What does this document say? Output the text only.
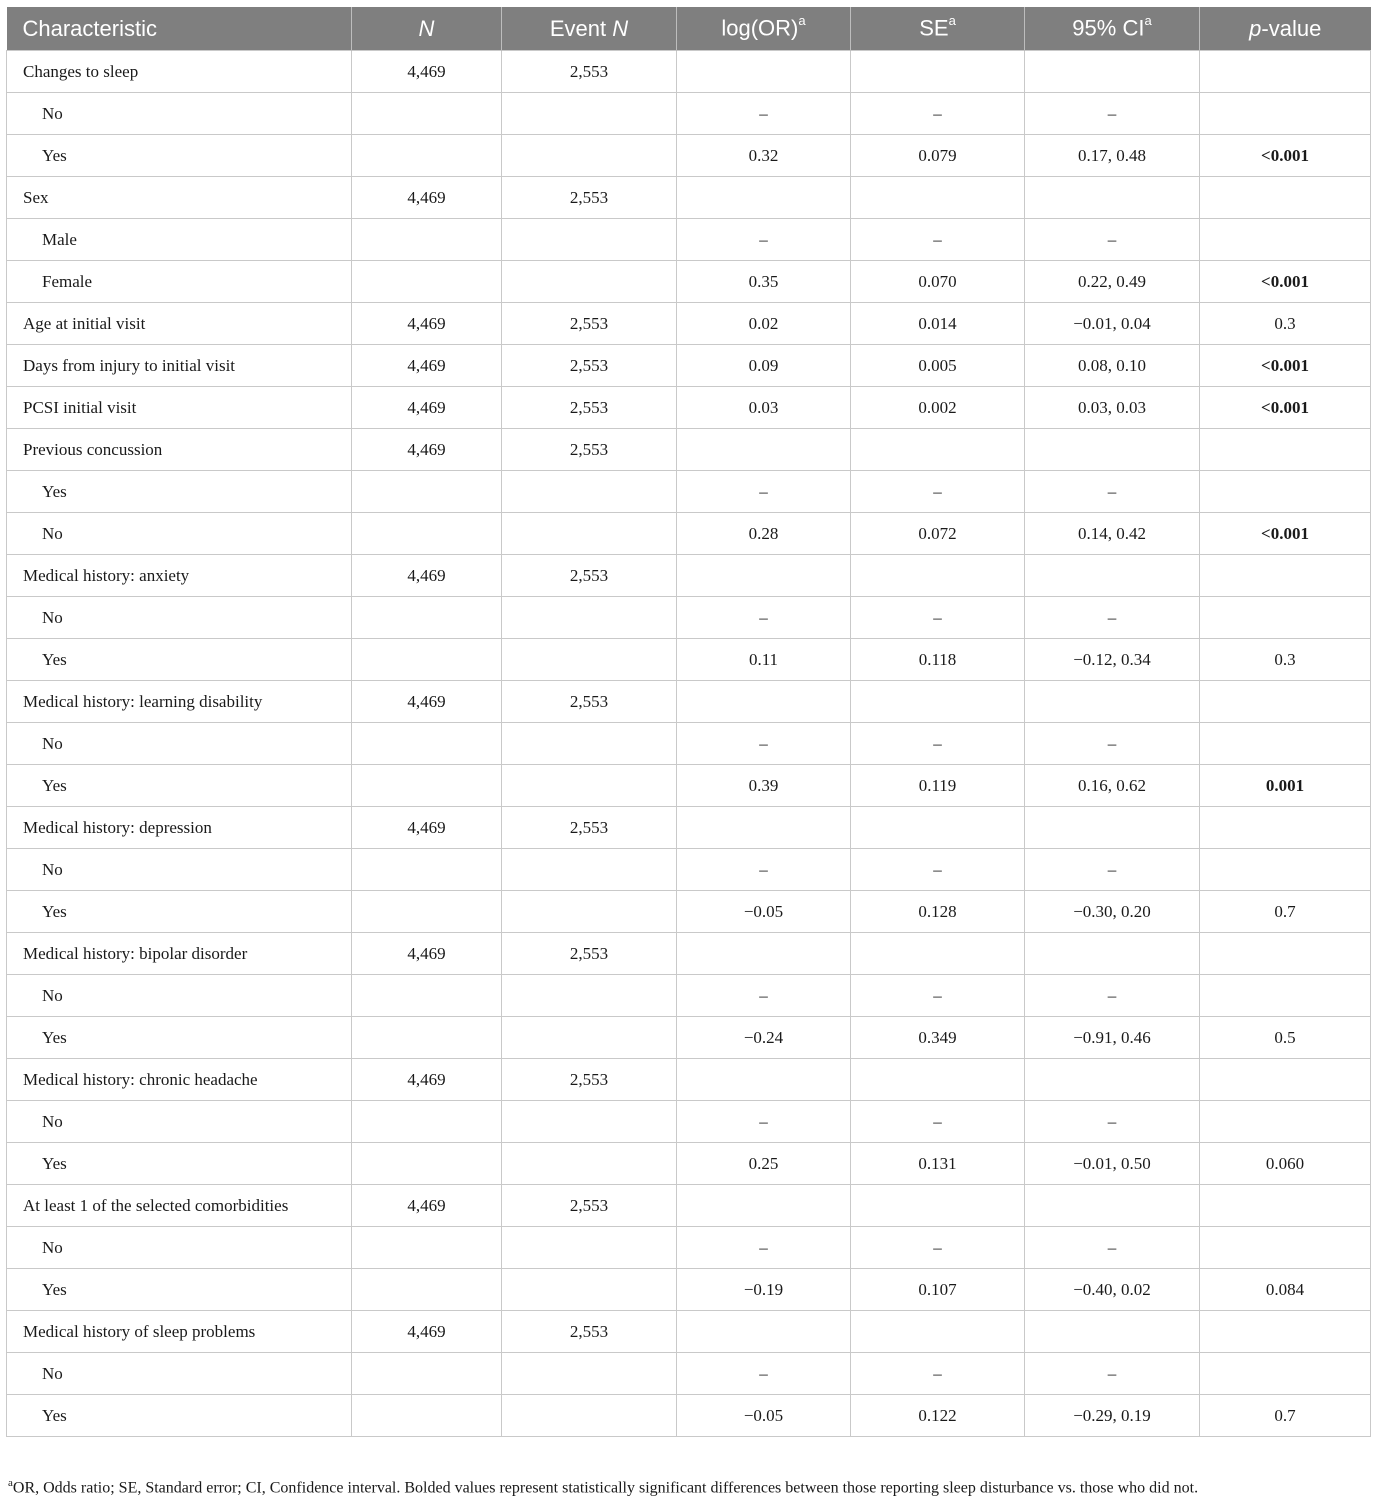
Characteristic	N	Event N	log(OR)$^a$	$SE^a$	95% $CI^a$	p-value
Changes to sleep	4,469	2,553				
No			–	–	–	
Yes			0.32	0.079	0.17, 0.48	<0.001
Sex	4,469	2,553				
Male			–	–	–	
Female			0.35	0.070	0.22, 0.49	<0.001
Age at initial visit	4,469	2,553	0.02	0.014	−0.01, 0.04	0.3
Days from injury to initial visit	4,469	2,553	0.09	0.005	0.08, 0.10	<0.001
PCSI initial visit	4,469	2,553	0.03	0.002	0.03, 0.03	<0.001
Previous concussion	4,469	2,553				
Yes			–	–	–	
No			0.28	0.072	0.14, 0.42	<0.001
Medical history: anxiety	4,469	2,553				
No			–	–	–	
Yes			0.11	0.118	−0.12, 0.34	0.3
Medical history: learning disability	4,469	2,553				
No			–	–	–	
Yes			0.39	0.119	0.16, 0.62	0.001
Medical history: depression	4,469	2,553				
No			–	–	–	
Yes			−0.05	0.128	−0.30, 0.20	0.7
Medical history: bipolar disorder	4,469	2,553				
No			–	–	–	
Yes			−0.24	0.349	−0.91, 0.46	0.5
Medical history: chronic headache	4,469	2,553				
No			–	–	–	
Yes			0.25	0.131	−0.01, 0.50	0.060
At least 1 of the selected comorbidities	4,469	2,553				
No			–	–	–	
Yes			−0.19	0.107	−0.40, 0.02	0.084
Medical history of sleep problems	4,469	2,553				
No			–	–	–	
Yes			−0.05	0.122	−0.29, 0.19	0.7
$^a$OR, Odds ratio; SE, Standard error; CI, Confidence interval. Bolded values represent statistically significant differences between those reporting sleep disturbance vs. those who did not.
